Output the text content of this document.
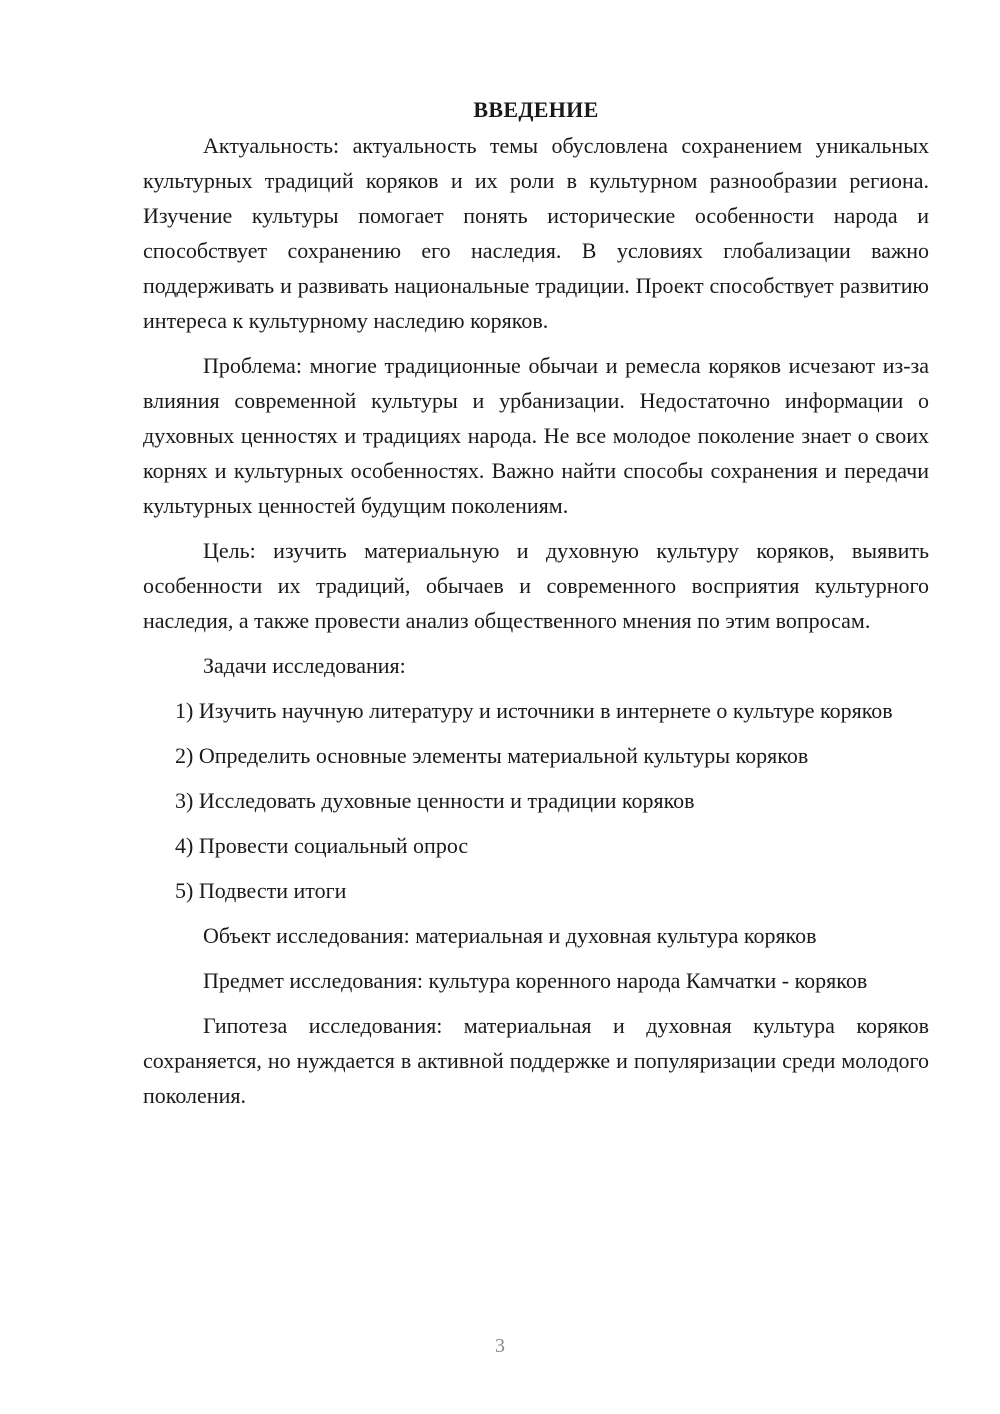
ВВЕДЕНИЕ

Актуальность: актуальность темы обусловлена сохранением уникальных культурных традиций коряков и их роли в культурном разнообразии региона. Изучение культуры помогает понять исторические особенности народа и способствует сохранению его наследия. В условиях глобализации важно поддерживать и развивать национальные традиции. Проект способствует развитию интереса к культурному наследию коряков.

Проблема: многие традиционные обычаи и ремесла коряков исчезают из-за влияния современной культуры и урбанизации. Недостаточно информации о духовных ценностях и традициях народа. Не все молодое поколение знает о своих корнях и культурных особенностях. Важно найти способы сохранения и передачи культурных ценностей будущим поколениям.

Цель: изучить материальную и духовную культуру коряков, выявить особенности их традиций, обычаев и современного восприятия культурного наследия, а также провести анализ общественного мнения по этим вопросам.

Задачи исследования:

1) Изучить научную литературу и источники в интернете о культуре коряков

2) Определить основные элементы материальной культуры коряков

3) Исследовать духовные ценности и традиции коряков

4) Провести социальный опрос

5) Подвести итоги

Объект исследования: материальная и духовная культура коряков

Предмет исследования: культура коренного народа Камчатки - коряков

Гипотеза исследования: материальная и духовная культура коряков сохраняется, но нуждается в активной поддержке и популяризации среди молодого поколения.

3
